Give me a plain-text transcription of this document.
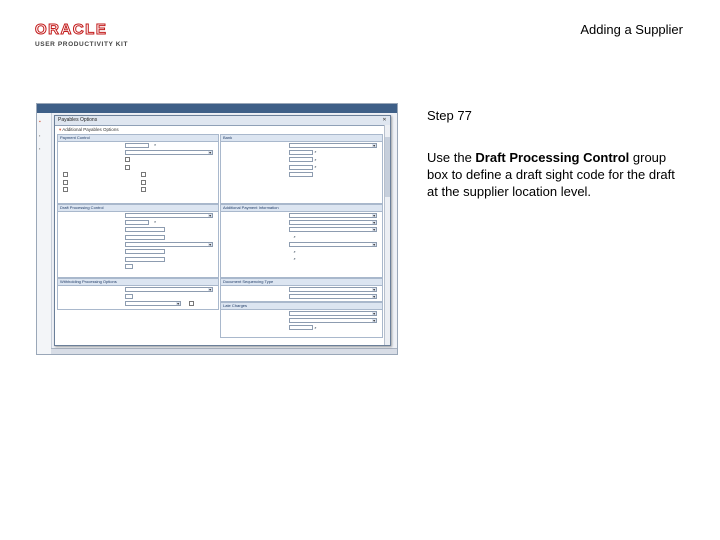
ORACLE
USER PRODUCTIVITY KIT
Adding a Supplier
Step 77
Use the Draft Processing Control group box to define a draft sight code for the draft at the supplier location level.

▪
▪
▪
Payables Options	✕
▾ Additional Payables Options
Payment Control
⌕
▾
Bank
▾
⌕
⌕
⌕
Draft Processing Control
▾
⌕
▾
Additional Payment Information
▾
▾
▾
⌕
▾
⌕
⌕
Withholding Processing Options
▾
▾	Document Sequencing Type
▾
▾
Late Charges
▾
▾
⌕
